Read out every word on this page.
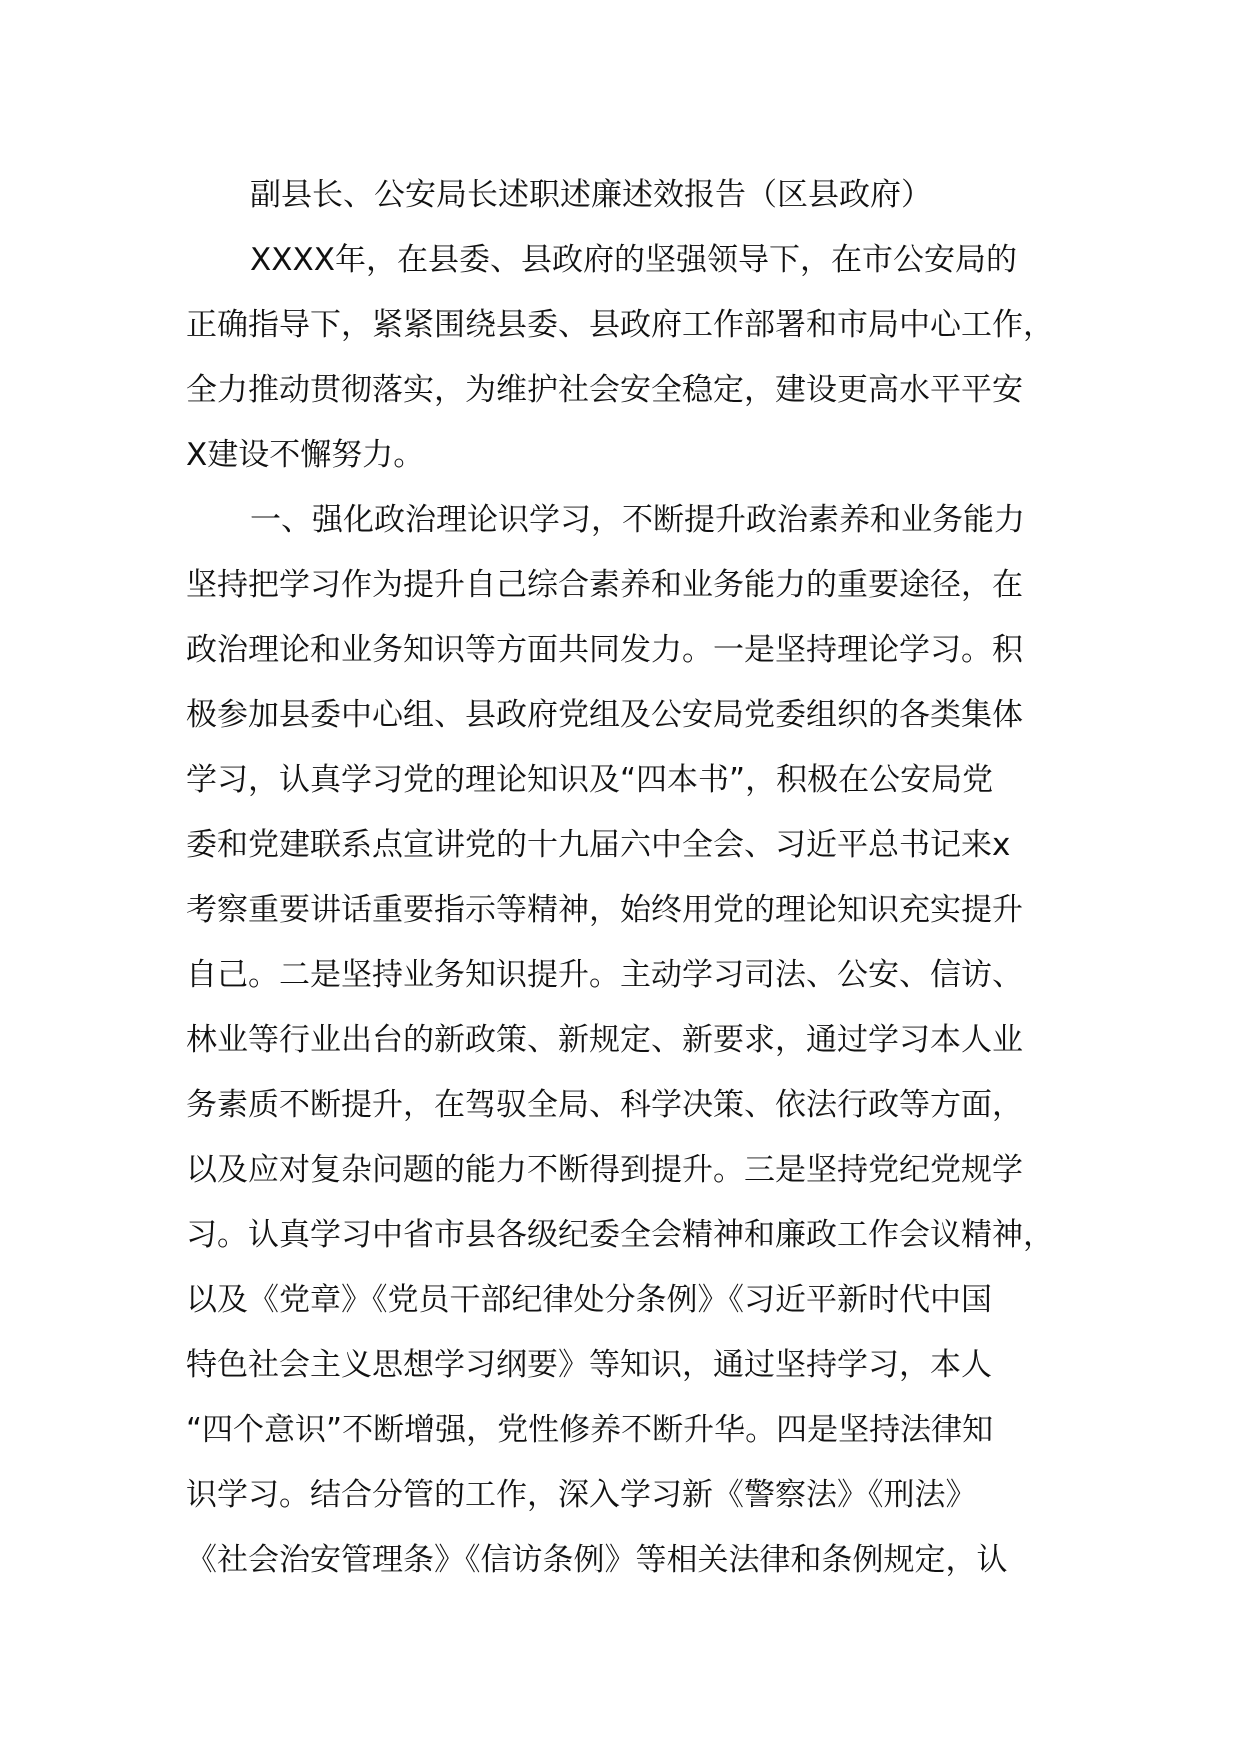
副县长、公安局长述职述廉述效报告（区县政府）
XXXX年，在县委、县政府的坚强领导下，在市公安局的
正确指导下，紧紧围绕县委、县政府工作部署和市局中心工作，
全力推动贯彻落实，为维护社会安全稳定，建设更高水平平安
X建设不懈努力。
一、强化政治理论识学习，不断提升政治素养和业务能力
坚持把学习作为提升自己综合素养和业务能力的重要途径，在
政治理论和业务知识等方面共同发力。一是坚持理论学习。积
极参加县委中心组、县政府党组及公安局党委组织的各类集体
学习，认真学习党的理论知识及“四本书”，积极在公安局党
委和党建联系点宣讲党的十九届六中全会、习近平总书记来x
考察重要讲话重要指示等精神，始终用党的理论知识充实提升
自己。二是坚持业务知识提升。主动学习司法、公安、信访、
林业等行业出台的新政策、新规定、新要求，通过学习本人业
务素质不断提升，在驾驭全局、科学决策、依法行政等方面，
以及应对复杂问题的能力不断得到提升。三是坚持党纪党规学
习。认真学习中省市县各级纪委全会精神和廉政工作会议精神，
以及《党章》《党员干部纪律处分条例》《习近平新时代中国
特色社会主义思想学习纲要》等知识，通过坚持学习，本人
“四个意识”不断增强，党性修养不断升华。四是坚持法律知
识学习。结合分管的工作，深入学习新《警察法》《刑法》
《社会治安管理条》《信访条例》等相关法律和条例规定，认
